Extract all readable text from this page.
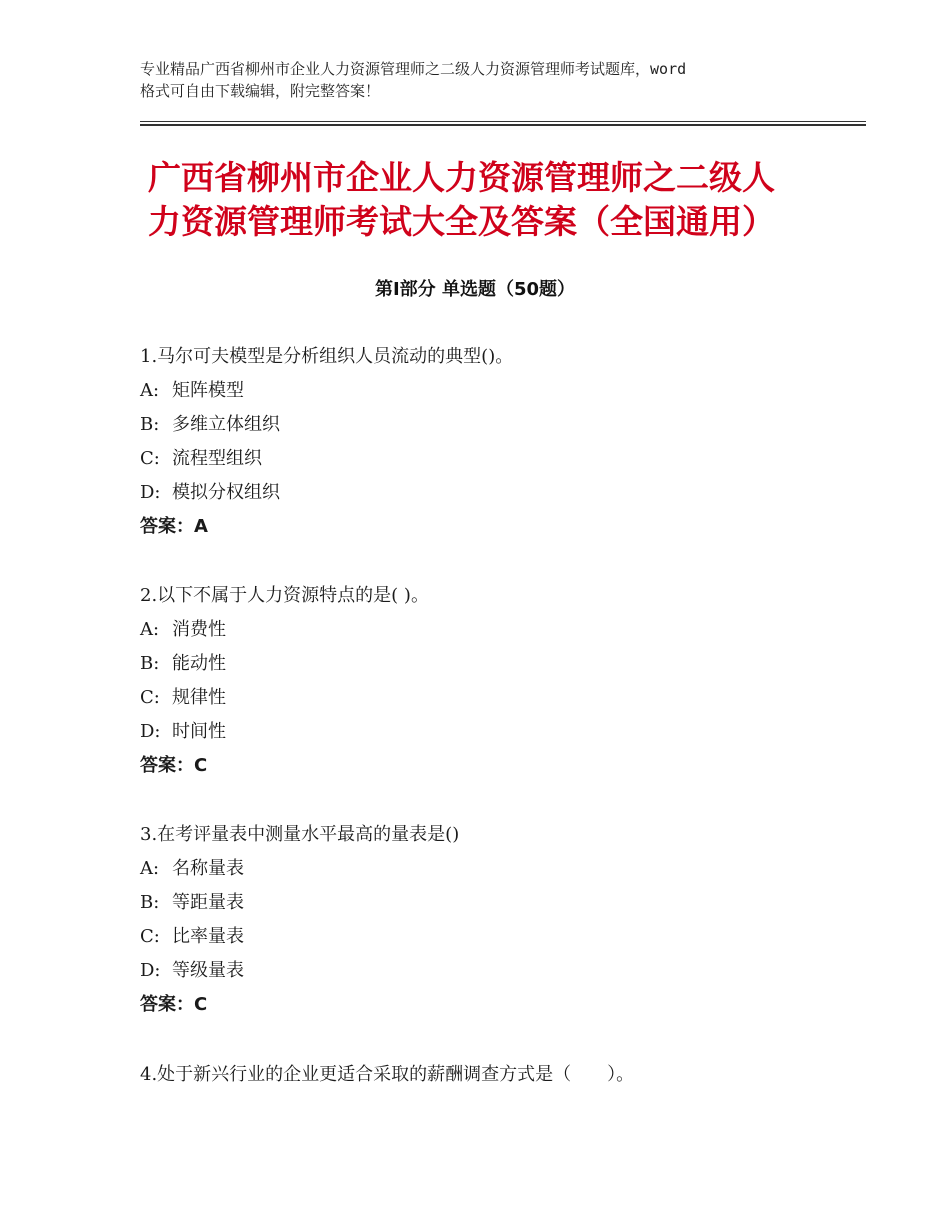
专业精品广西省柳州市企业人力资源管理师之二级人力资源管理师考试题库，word
格式可自由下载编辑，附完整答案！
广西省柳州市企业人力资源管理师之二级人
力资源管理师考试大全及答案（全国通用）
第Ⅰ部分 单选题（50题）
1.马尔可夫模型是分析组织人员流动的典型()。
A: 矩阵模型
B: 多维立体组织
C: 流程型组织
D: 模拟分权组织
答案：A
2.以下不属于人力资源特点的是( )。
A: 消费性
B: 能动性
C: 规律性
D: 时间性
答案：C
3.在考评量表中测量水平最高的量表是()
A: 名称量表
B: 等距量表
C: 比率量表
D: 等级量表
答案：C
4.处于新兴行业的企业更适合采取的薪酬调查方式是（　　）。
